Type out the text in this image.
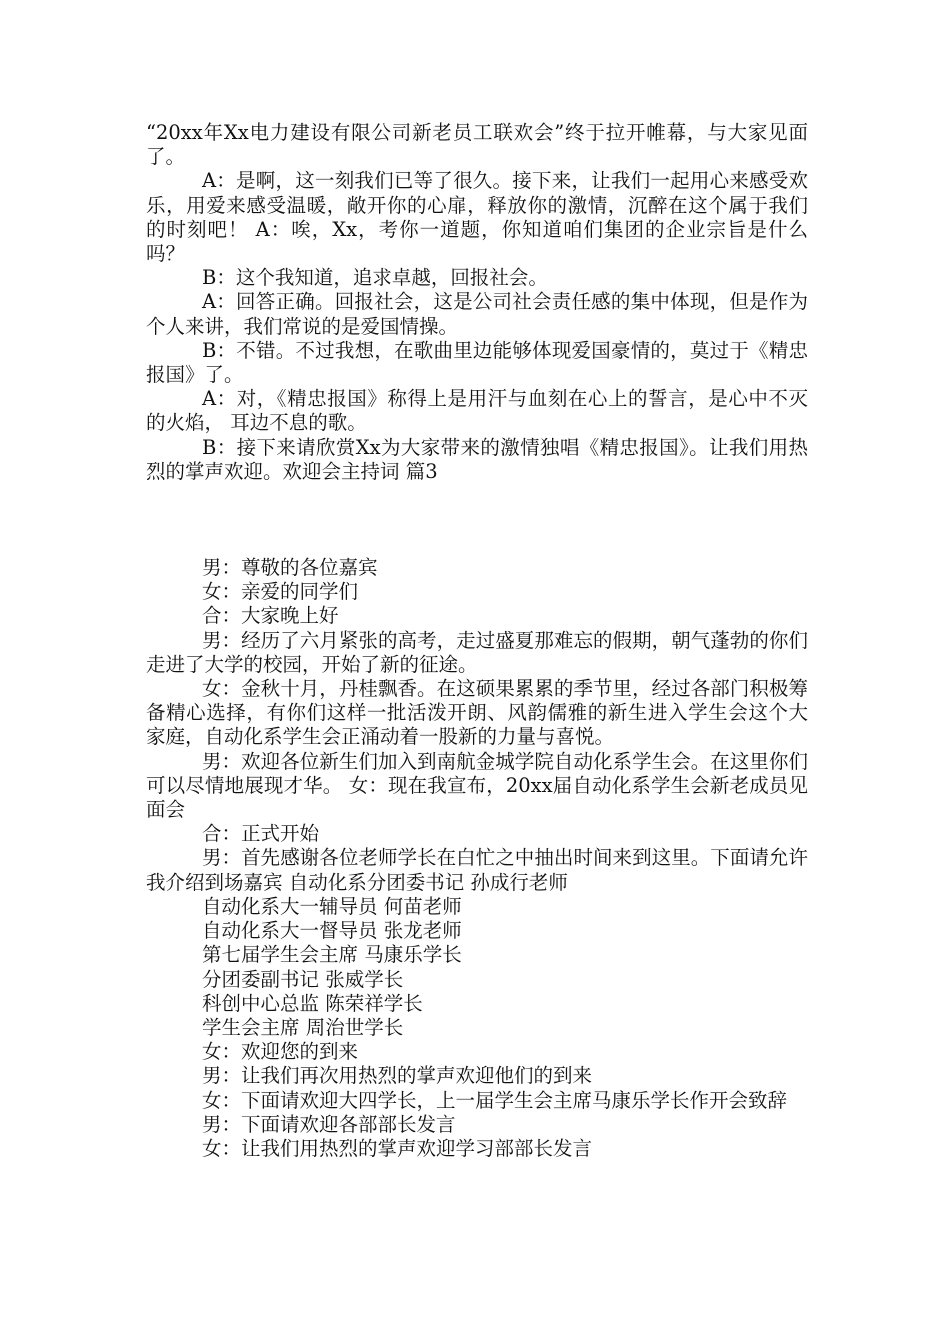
“20xx年Xx电力建设有限公司新老员工联欢会”终于拉开帷幕，与大家见面了。

A：是啊，这一刻我们已等了很久。接下来，让我们一起用心来感受欢乐，用爱来感受温暖，敞开你的心扉，释放你的激情，沉醉在这个属于我们的时刻吧！ A：唉，Xx，考你一道题，你知道咱们集团的企业宗旨是什么吗？

B：这个我知道，追求卓越，回报社会。

A：回答正确。回报社会，这是公司社会责任感的集中体现，但是作为个人来讲，我们常说的是爱国情操。

B：不错。不过我想，在歌曲里边能够体现爱国豪情的，莫过于《精忠报国》了。

A：对，《精忠报国》称得上是用汗与血刻在心上的誓言，是心中不灭的火焰， 耳边不息的歌。

B：接下来请欣赏Xx为大家带来的激情独唱《精忠报国》。让我们用热烈的掌声欢迎。欢迎会主持词 篇3

男：尊敬的各位嘉宾

女：亲爱的同学们

合：大家晚上好

男：经历了六月紧张的高考，走过盛夏那难忘的假期，朝气蓬勃的你们走进了大学的校园，开始了新的征途。

女：金秋十月，丹桂飘香。在这硕果累累的季节里，经过各部门积极筹备精心选择，有你们这样一批活泼开朗、风韵儒雅的新生进入学生会这个大家庭，自动化系学生会正涌动着一股新的力量与喜悦。

男：欢迎各位新生们加入到南航金城学院自动化系学生会。在这里你们可以尽情地展现才华。 女：现在我宣布，20xx届自动化系学生会新老成员见面会

合：正式开始

男：首先感谢各位老师学长在白忙之中抽出时间来到这里。下面请允许我介绍到场嘉宾 自动化系分团委书记 孙成行老师

自动化系大一辅导员 何苗老师

自动化系大一督导员 张龙老师

第七届学生会主席 马康乐学长

分团委副书记 张威学长

科创中心总监 陈荣祥学长

学生会主席 周治世学长

女：欢迎您的到来

男：让我们再次用热烈的掌声欢迎他们的到来

女：下面请欢迎大四学长，上一届学生会主席马康乐学长作开会致辞

男：下面请欢迎各部部长发言

女：让我们用热烈的掌声欢迎学习部部长发言
